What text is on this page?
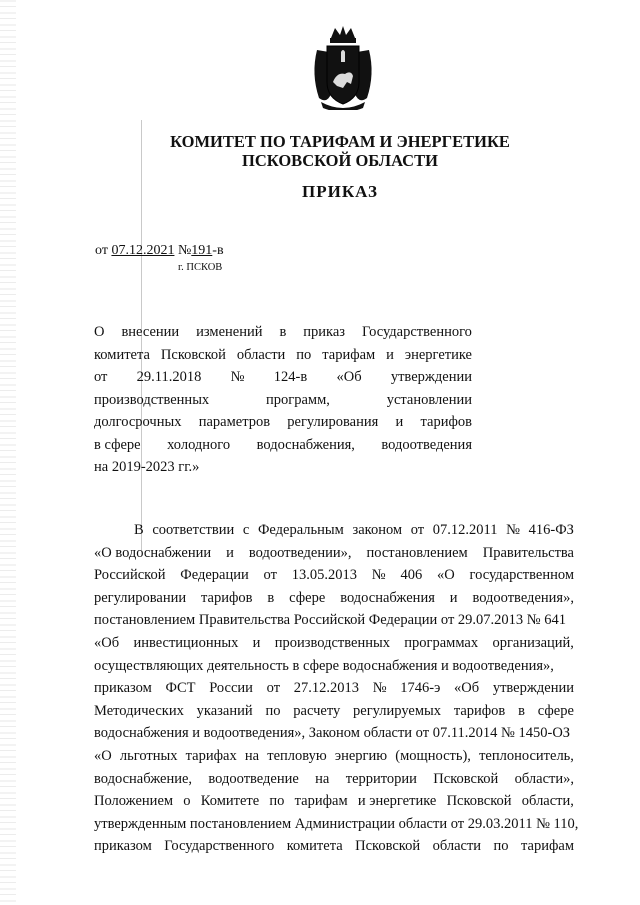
КОМИТЕТ ПО ТАРИФАМ И ЭНЕРГЕТИКЕ
ПСКОВСКОЙ ОБЛАСТИ
ПРИКАЗ
от 07.12.2021 №191-в
г. ПСКОВ
О внесении изменений в приказ Государственного
комитета Псковской области по тарифам и энергетике
от 29.11.2018 № 124-в «Об утверждении
производственных	программ,	установлении
долгосрочных параметров регулирования и тарифов
в сфере холодного водоснабжения, водоотведения
на 2019-2023 гг.»
В соответствии с Федеральным законом от 07.12.2011 № 416-ФЗ
«О водоснабжении и водоотведении», постановлением Правительства
Российской Федерации от 13.05.2013 № 406 «О государственном
регулировании тарифов в сфере водоснабжения и водоотведения»,
постановлением Правительства Российской Федерации от 29.07.2013 № 641
«Об инвестиционных и производственных программах организаций,
осуществляющих деятельность в сфере водоснабжения и водоотведения»,
приказом ФСТ России от 27.12.2013 № 1746-э «Об утверждении
Методических указаний по расчету регулируемых тарифов в сфере
водоснабжения и водоотведения», Законом области от 07.11.2014 № 1450-ОЗ
«О льготных тарифах на тепловую энергию (мощность), теплоноситель,
водоснабжение, водоотведение на территории Псковской области»,
Положением о Комитете по тарифам и энергетике Псковской области,
утвержденным постановлением Администрации области от 29.03.2011 № 110,
приказом Государственного комитета Псковской области по тарифам
